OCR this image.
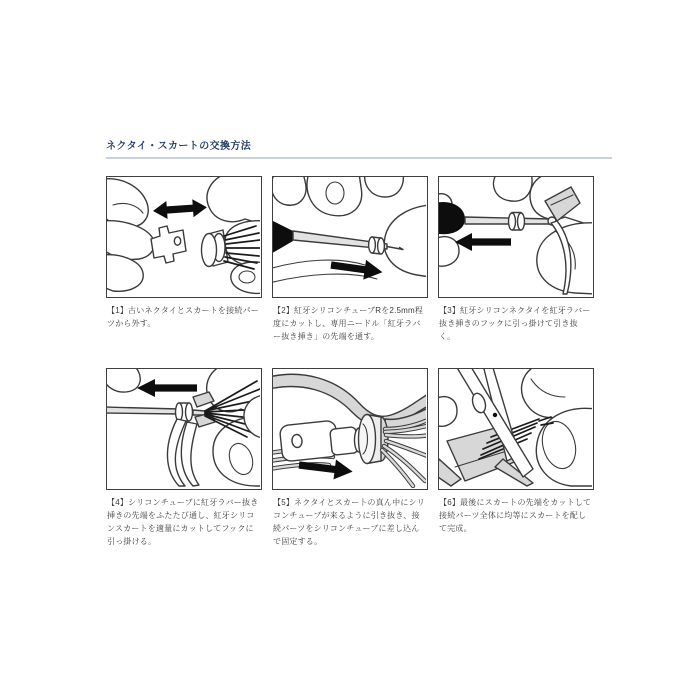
ネクタイ・スカートの交換方法

【1】古いネクタイとスカートを接続パーツから外す。

【2】紅牙シリコンチューブRを2.5mm程度にカットし、専用ニードル「紅牙ラバー抜き挿き」の先端を通す。

【3】紅牙シリコンネクタイを紅牙ラバー抜き挿きのフックに引っ掛けて引き抜く。

【4】シリコンチューブに紅牙ラバー抜き挿きの先端をふたたび通し、紅牙シリコンスカートを適量にカットしてフックに引っ掛ける。

【5】ネクタイとスカートの真ん中にシリコンチューブが来るように引き抜き、接続パーツをシリコンチューブに差し込んで固定する。

【6】最後にスカートの先端をカットして接続パーツ全体に均等にスカートを配して完成。
